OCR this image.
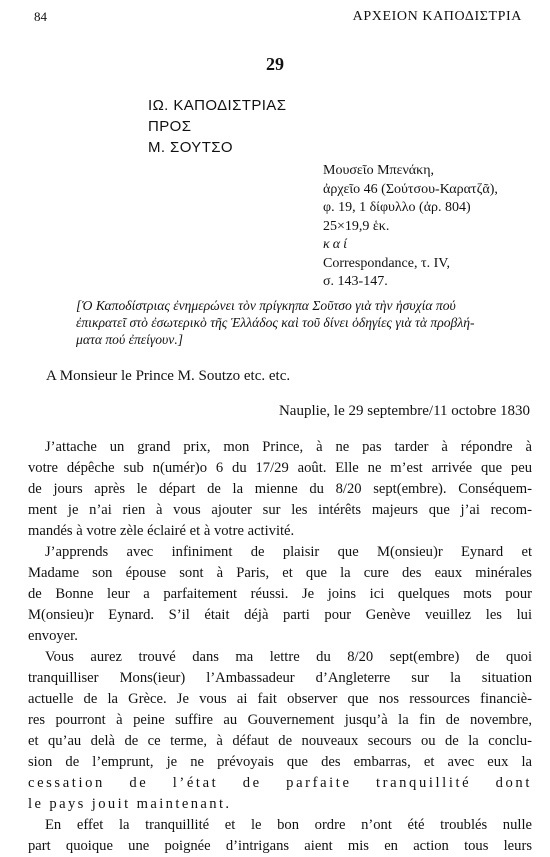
84	ΑΡΧΕΙΟΝ ΚΑΠΟΔΙΣΤΡΙΑ
29
ΙΩ. ΚΑΠΟΔΙΣΤΡΙΑΣ
ΠΡΟΣ
Μ. ΣΟΥΤΣΟ
Μουσεῖο Μπενάκη,
ἀρχεῖο 46 (Σούτσου-Καρατζᾶ),
φ. 19, 1 δίφυλλο (ἀρ. 804)
25×19,9 ἑκ.
καί
Correspondance, τ. IV,
σ. 143-147.
[Ὁ Καποδίστριας ἐνημερώνει τὸν πρίγκηπα Σοῦτσο γιὰ τὴν ἡσυχία πού
ἐπικρατεῖ στὸ ἐσωτερικὸ τῆς Ἑλλάδος καὶ τοῦ δίνει ὁδηγίες γιὰ τὰ προβλή-
ματα πού ἐπείγουν.]
A Monsieur le Prince M. Soutzo etc. etc.
Nauplie, le 29 septembre/11 octobre 1830
J’attache un grand prix, mon Prince, à ne pas tarder à répondre à
votre dépêche sub n(umér)o 6 du 17/29 août. Elle ne m’est arrivée que peu
de jours après le départ de la mienne du 8/20 sept(embre). Conséquem-
ment je n’ai rien à vous ajouter sur les intérêts majeurs que j’ai recom-
mandés à votre zèle éclairé et à votre activité.
J’apprends avec infiniment de plaisir que M(onsieu)r Eynard et
Madame son épouse sont à Paris, et que la cure des eaux minérales
de Bonne leur a parfaitement réussi. Je joins ici quelques mots pour
M(onsieu)r Eynard. S’il était déjà parti pour Genève veuillez les lui
envoyer.
Vous aurez trouvé dans ma lettre du 8/20 sept(embre) de quoi
tranquilliser Mons(ieur) l’Ambassadeur d’Angleterre sur la situation
actuelle de la Grèce. Je vous ai fait observer que nos ressources financiè-
res pourront à peine suffire au Gouvernement jusqu’à la fin de novembre,
et qu’au delà de ce terme, à défaut de nouveaux secours ou de la conclu-
sion de l’emprunt, je ne prévoyais que des embarras, et avec eux la
cessation de l’état de parfaite tranquillité dont
le pays jouit maintenant.
En effet la tranquillité et le bon ordre n’ont été troublés nulle
part quoique une poignée d’intrigans aient mis en action tous leurs
